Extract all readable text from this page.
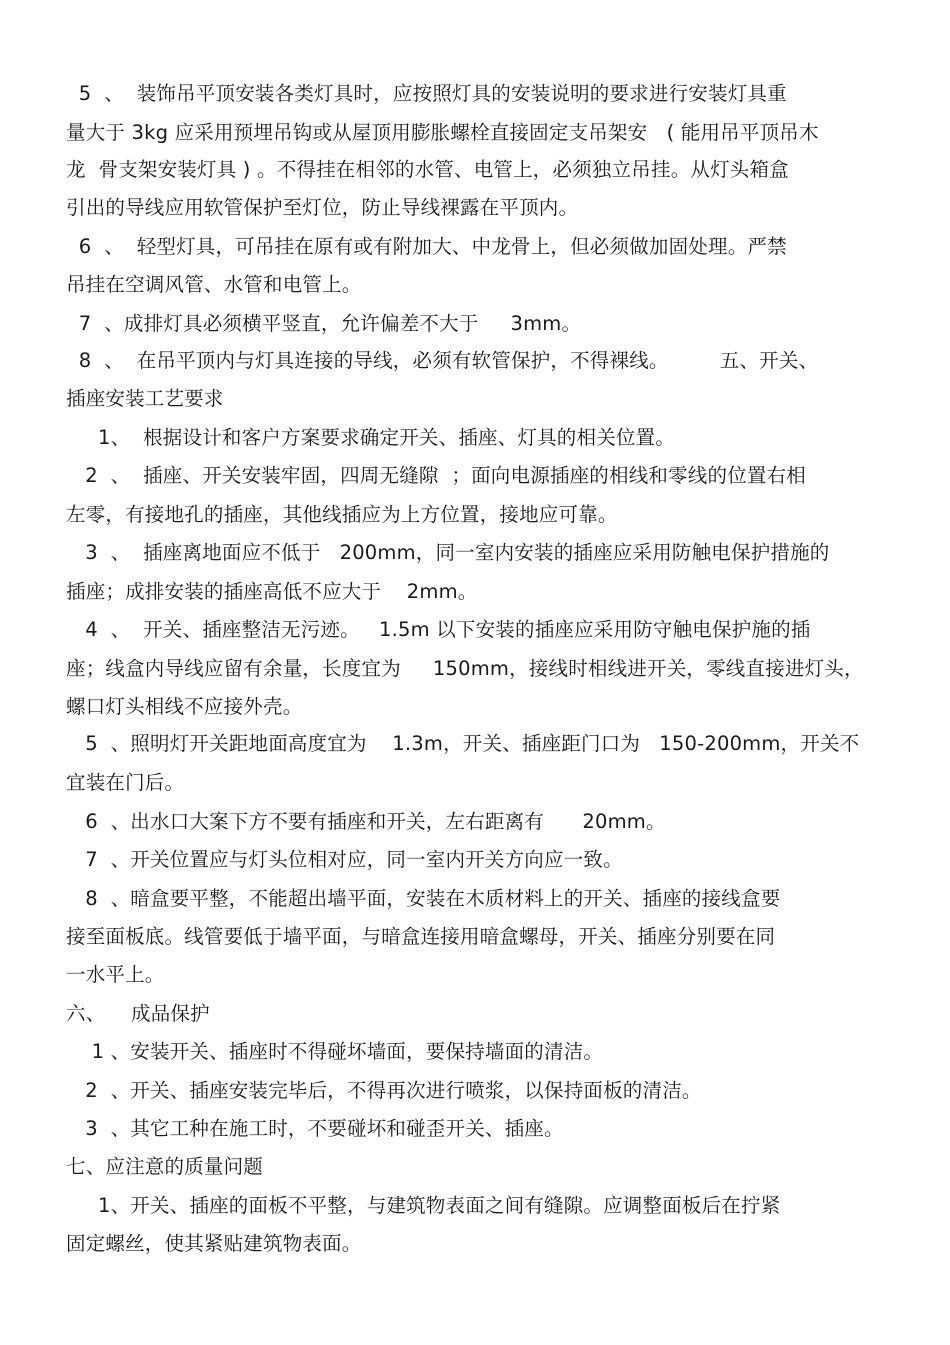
5  、  装饰吊平顶安装各类灯具时，应按照灯具的安装说明的要求进行安装灯具重
量大于 3kg 应采用预埋吊钩或从屋顶用膨胀螺栓直接固定支吊架安   ( 能用吊平顶吊木
龙  骨支架安装灯具 ) 。不得挂在相邻的水管、电管上，必须独立吊挂。从灯头箱盒
引出的导线应用软管保护至灯位，防止导线裸露在平顶内。
6  、  轻型灯具，可吊挂在原有或有附加大、中龙骨上，但必须做加固处理。严禁
吊挂在空调风管、水管和电管上。
7  、成排灯具必须横平竖直，允许偏差不大于     3mm。
8  、  在吊平顶内与灯具连接的导线，必须有软管保护，不得裸线。        五、开关、
插座安装工艺要求
1、  根据设计和客户方案要求确定开关、插座、灯具的相关位置。
2  、  插座、开关安装牢固，四周无缝隙  ；面向电源插座的相线和零线的位置右相
左零，有接地孔的插座，其他线插应为上方位置，接地应可靠。
3  、  插座离地面应不低于   200mm，同一室内安装的插座应采用防触电保护措施的
插座；成排安装的插座高低不应大于    2mm。
4  、  开关、插座整洁无污迹。   1.5m 以下安装的插座应采用防守触电保护施的插
座；线盒内导线应留有余量，长度宜为     150mm，接线时相线进开关，零线直接进灯头，
螺口灯头相线不应接外壳。
5  、照明灯开关距地面高度宜为    1.3m，开关、插座距门口为   150-200mm，开关不
宜装在门后。
6  、出水口大案下方不要有插座和开关，左右距离有      20mm。
7  、开关位置应与灯头位相对应，同一室内开关方向应一致。
8  、暗盒要平整，不能超出墙平面，安装在木质材料上的开关、插座的接线盒要
接至面板底。线管要低于墙平面，与暗盒连接用暗盒螺母，开关、插座分别要在同
一水平上。
六、    成品保护
1 、安装开关、插座时不得碰坏墙面，要保持墙面的清洁。
2  、开关、插座安装完毕后，不得再次进行喷浆，以保持面板的清洁。
3  、其它工种在施工时，不要碰坏和碰歪开关、插座。
七、应注意的质量问题
1、开关、插座的面板不平整，与建筑物表面之间有缝隙。应调整面板后在拧紧
固定螺丝，使其紧贴建筑物表面。
